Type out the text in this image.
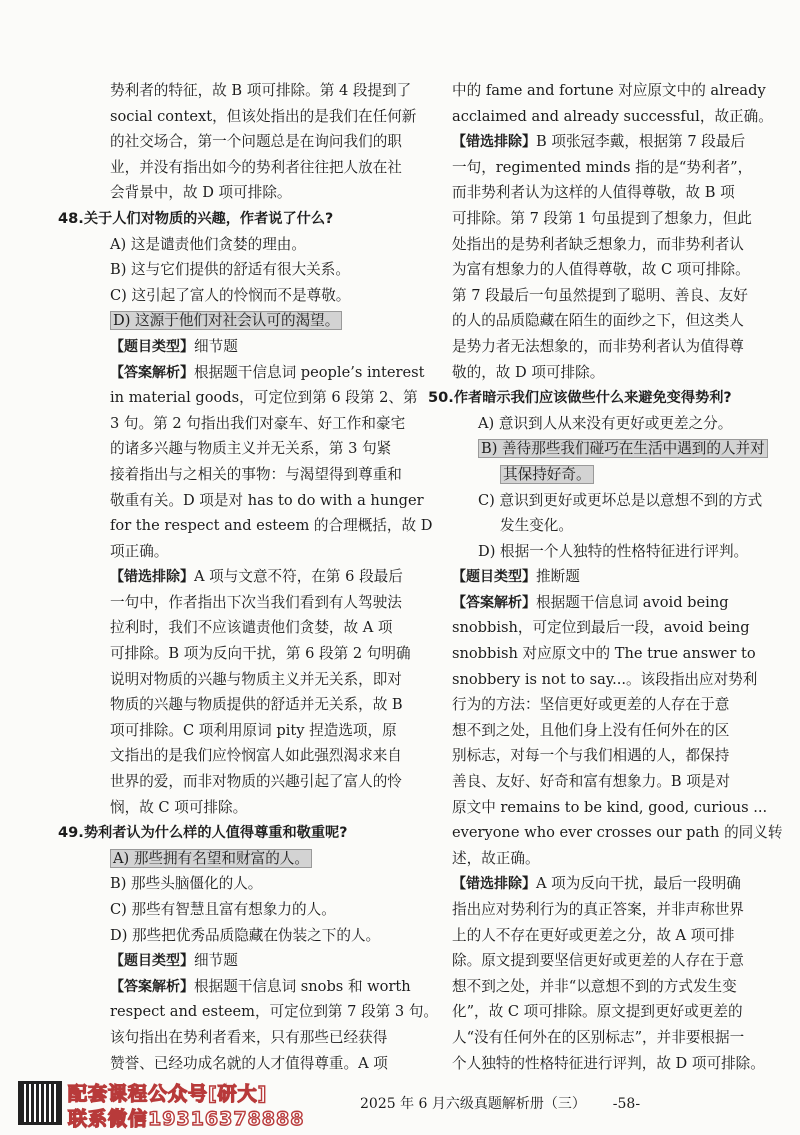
势利者的特征，故 B 项可排除。第 4 段提到了
social context，但该处指出的是我们在任何新
的社交场合，第一个问题总是在询问我们的职
业，并没有指出如今的势利者往往把人放在社
会背景中，故 D 项可排除。
48.关于人们对物质的兴趣，作者说了什么?
A) 这是谴责他们贪婪的理由。
B) 这与它们提供的舒适有很大关系。
C) 这引起了富人的怜悯而不是尊敬。
D) 这源于他们对社会认可的渴望。
【题目类型】细节题
【答案解析】根据题干信息词 people’s interest
in material goods，可定位到第 6 段第 2、第
3 句。第 2 句指出我们对豪车、好工作和豪宅
的诸多兴趣与物质主义并无关系，第 3 句紧
接着指出与之相关的事物：与渴望得到尊重和
敬重有关。D 项是对 has to do with a hunger
for the respect and esteem 的合理概括，故 D
项正确。
【错选排除】A 项与文意不符，在第 6 段最后
一句中，作者指出下次当我们看到有人驾驶法
拉利时，我们不应该谴责他们贪婪，故 A 项
可排除。B 项为反向干扰，第 6 段第 2 句明确
说明对物质的兴趣与物质主义并无关系，即对
物质的兴趣与物质提供的舒适并无关系，故 B
项可排除。C 项利用原词 pity 捏造选项，原
文指出的是我们应怜悯富人如此强烈渴求来自
世界的爱，而非对物质的兴趣引起了富人的怜
悯，故 C 项可排除。
49.势利者认为什么样的人值得尊重和敬重呢?
A) 那些拥有名望和财富的人。
B) 那些头脑僵化的人。
C) 那些有智慧且富有想象力的人。
D) 那些把优秀品质隐藏在伪装之下的人。
【题目类型】细节题
【答案解析】根据题干信息词 snobs 和 worth
respect and esteem，可定位到第 7 段第 3 句。
该句指出在势利者看来，只有那些已经获得
赞誉、已经功成名就的人才值得尊重。A 项
中的 fame and fortune 对应原文中的 already
acclaimed and already successful，故正确。
【错选排除】B 项张冠李戴，根据第 7 段最后
一句，regimented minds 指的是“势利者”，
而非势利者认为这样的人值得尊敬，故 B 项
可排除。第 7 段第 1 句虽提到了想象力，但此
处指出的是势利者缺乏想象力，而非势利者认
为富有想象力的人值得尊敬，故 C 项可排除。
第 7 段最后一句虽然提到了聪明、善良、友好
的人的品质隐藏在陌生的面纱之下，但这类人
是势力者无法想象的，而非势利者认为值得尊
敬的，故 D 项可排除。
50.作者暗示我们应该做些什么来避免变得势利?
A) 意识到人从来没有更好或更差之分。
B) 善待那些我们碰巧在生活中遇到的人并对
其保持好奇。
C) 意识到更好或更坏总是以意想不到的方式
发生变化。
D) 根据一个人独特的性格特征进行评判。
【题目类型】推断题
【答案解析】根据题干信息词 avoid being
snobbish，可定位到最后一段，avoid being
snobbish 对应原文中的 The true answer to
snobbery is not to say...。该段指出应对势利
行为的方法：坚信更好或更差的人存在于意
想不到之处，且他们身上没有任何外在的区
别标志，对每一个与我们相遇的人，都保持
善良、友好、好奇和富有想象力。B 项是对
原文中 remains to be kind, good, curious ...
everyone who ever crosses our path 的同义转
述，故正确。
【错选排除】A 项为反向干扰，最后一段明确
指出应对势利行为的真正答案，并非声称世界
上的人不存在更好或更差之分，故 A 项可排
除。原文提到要坚信更好或更差的人存在于意
想不到之处，并非“以意想不到的方式发生变
化”，故 C 项可排除。原文提到更好或更差的
人“没有任何外在的区别标志”，并非要根据一
个人独特的性格特征进行评判，故 D 项可排除。
配套课程公众号[研大]
联系微信19316378888
2025 年 6 月六级真题解析册（三） -58-
